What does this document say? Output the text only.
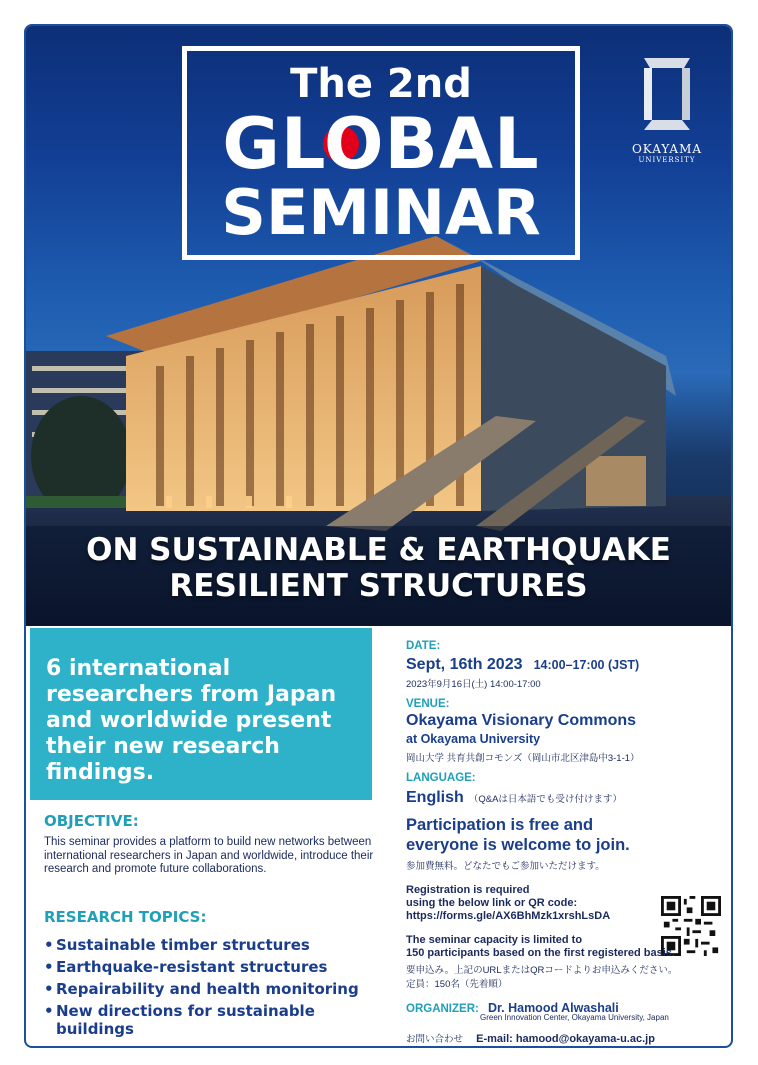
The 2nd
GLOBAL
SEMINAR
OKAYAMA
UNIVERSITY
ON SUSTAINABLE & EARTHQUAKE
RESILIENT STRUCTURES
6 international researchers from Japan and worldwide present their new research findings.
OBJECTIVE:
This seminar provides a platform to build new networks between international researchers in Japan and worldwide, introduce their research and promote future collaborations.
RESEARCH TOPICS:
• Sustainable timber structures
• Earthquake-resistant structures
• Repairability and health monitoring
• New directions for sustainable buildings
DATE:
Sept, 16th 2023 14:00–17:00 (JST)
2023年9月16日(土) 14:00-17:00
VENUE:
Okayama Visionary Commons
at Okayama University
岡山大学 共育共創コモンズ（岡山市北区津島中3-1-1）
LANGUAGE:
English （Q&Aは日本語でも受け付けます）
Participation is free and
everyone is welcome to join.
参加費無料。どなたでもご参加いただけます。
Registration is required
using the below link or QR code:
https://forms.gle/AX6BhMzk1xrshLsDA
The seminar capacity is limited to
150 participants based on the first registered basis.
要申込み。上記のURLまたはQRコードよりお申込みください。
定員：150名（先着順）
ORGANIZER: Dr. Hamood Alwashali
Green Innovation Center, Okayama University, Japan
お問い合わせ E-mail: hamood@okayama-u.ac.jp
